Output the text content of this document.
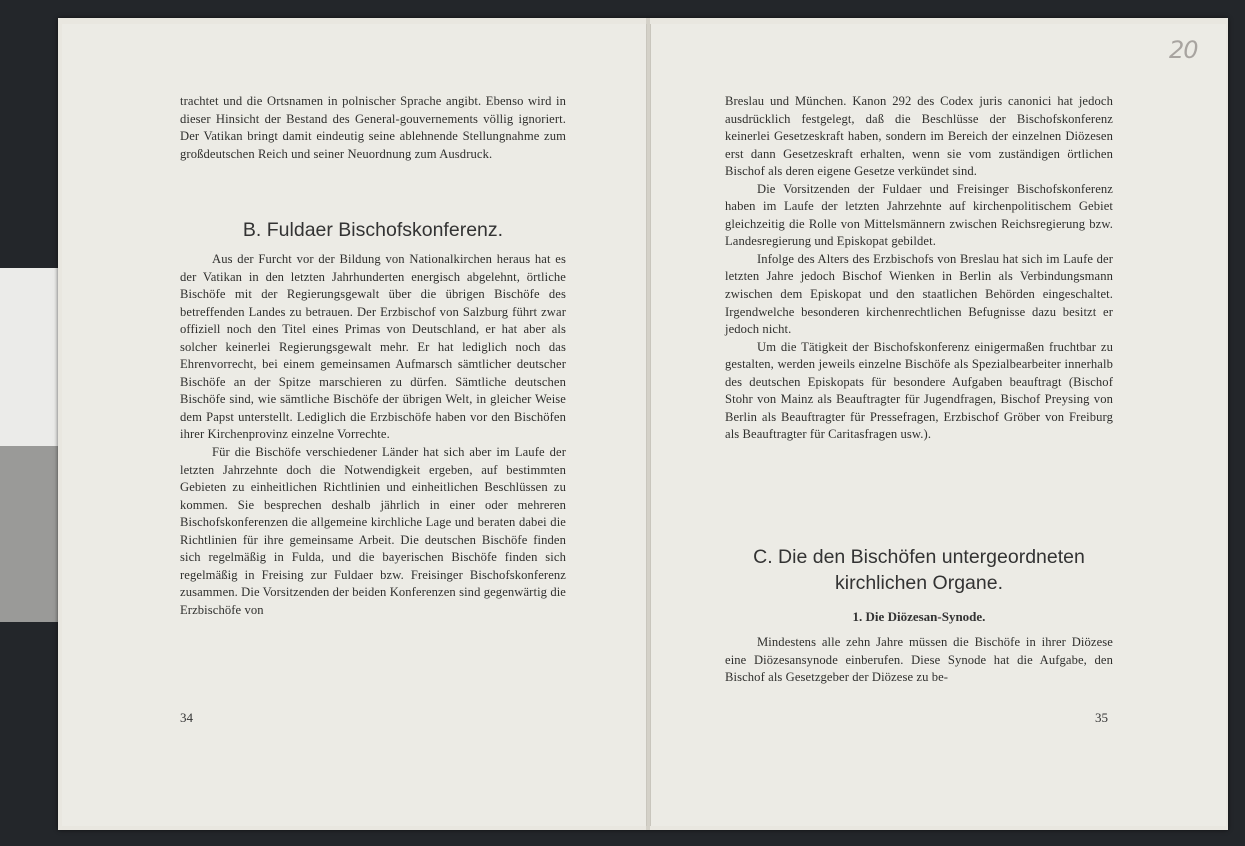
trachtet und die Ortsnamen in polnischer Sprache angibt. Ebenso wird in dieser Hinsicht der Bestand des General-gouvernements völlig ignoriert. Der Vatikan bringt damit eindeutig seine ablehnende Stellungnahme zum großdeutschen Reich und seiner Neuordnung zum Ausdruck.

B. Fuldaer Bischofskonferenz.

Aus der Furcht vor der Bildung von Nationalkirchen heraus hat es der Vatikan in den letzten Jahrhunderten energisch abgelehnt, örtliche Bischöfe mit der Regierungsgewalt über die übrigen Bischöfe des betreffenden Landes zu betrauen. Der Erzbischof von Salzburg führt zwar offiziell noch den Titel eines Primas von Deutschland, er hat aber als solcher keinerlei Regierungsgewalt mehr. Er hat lediglich noch das Ehrenvorrecht, bei einem gemeinsamen Aufmarsch sämtlicher deutscher Bischöfe an der Spitze marschieren zu dürfen. Sämtliche deutschen Bischöfe sind, wie sämtliche Bischöfe der übrigen Welt, in gleicher Weise dem Papst unterstellt. Lediglich die Erzbischöfe haben vor den Bischöfen ihrer Kirchenprovinz einzelne Vorrechte.

Für die Bischöfe verschiedener Länder hat sich aber im Laufe der letzten Jahrzehnte doch die Notwendigkeit ergeben, auf bestimmten Gebieten zu einheitlichen Richtlinien und einheitlichen Beschlüssen zu kommen. Sie besprechen deshalb jährlich in einer oder mehreren Bischofskonferenzen die allgemeine kirchliche Lage und beraten dabei die Richtlinien für ihre gemeinsame Arbeit. Die deutschen Bischöfe finden sich regelmäßig in Fulda, und die bayerischen Bischöfe finden sich regelmäßig in Freising zur Fuldaer bzw. Freisinger Bischofskonferenz zusammen. Die Vorsitzenden der beiden Konferenzen sind gegenwärtig die Erzbischöfe von

34
20

Breslau und München. Kanon 292 des Codex juris canonici hat jedoch ausdrücklich festgelegt, daß die Beschlüsse der Bischofskonferenz keinerlei Gesetzeskraft haben, sondern im Bereich der einzelnen Diözesen erst dann Gesetzeskraft erhalten, wenn sie vom zuständigen örtlichen Bischof als deren eigene Gesetze verkündet sind.

Die Vorsitzenden der Fuldaer und Freisinger Bischofskonferenz haben im Laufe der letzten Jahrzehnte auf kirchenpolitischem Gebiet gleichzeitig die Rolle von Mittelsmännern zwischen Reichsregierung bzw. Landesregierung und Episkopat gebildet.

Infolge des Alters des Erzbischofs von Breslau hat sich im Laufe der letzten Jahre jedoch Bischof Wienken in Berlin als Verbindungsmann zwischen dem Episkopat und den staatlichen Behörden eingeschaltet. Irgendwelche besonderen kirchenrechtlichen Befugnisse dazu besitzt er jedoch nicht.

Um die Tätigkeit der Bischofskonferenz einigermaßen fruchtbar zu gestalten, werden jeweils einzelne Bischöfe als Spezialbearbeiter innerhalb des deutschen Episkopats für besondere Aufgaben beauftragt (Bischof Stohr von Mainz als Beauftragter für Jugendfragen, Bischof Preysing von Berlin als Beauftragter für Pressefragen, Erzbischof Gröber von Freiburg als Beauftragter für Caritasfragen usw.).

C. Die den Bischöfen untergeordneten
kirchlichen Organe.
1. Die Diözesan-Synode.

Mindestens alle zehn Jahre müssen die Bischöfe in ihrer Diözese eine Diözesansynode einberufen. Diese Synode hat die Aufgabe, den Bischof als Gesetzgeber der Diözese zu be-

35
